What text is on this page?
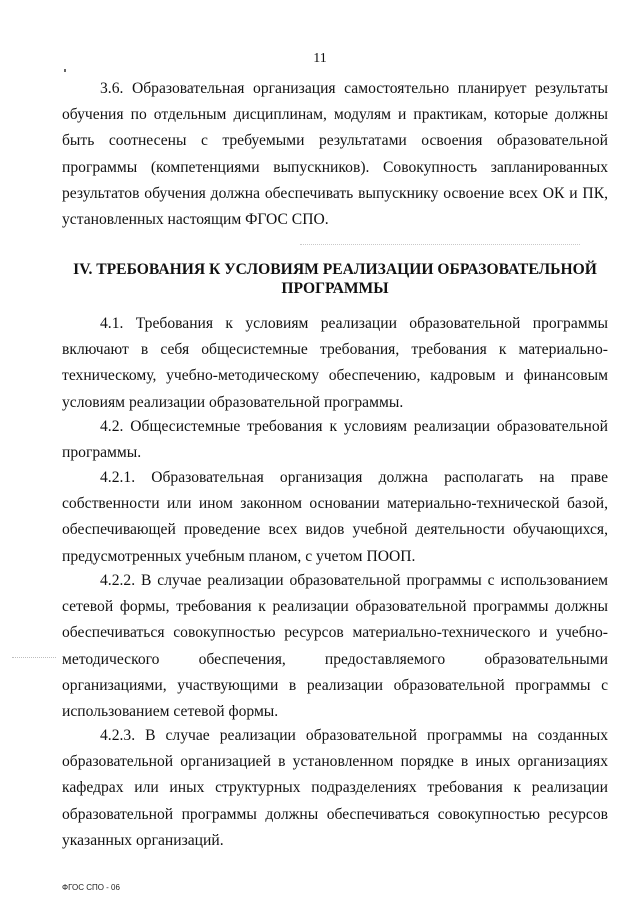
11

3.6. Образовательная организация самостоятельно планирует результаты обучения по отдельным дисциплинам, модулям и практикам, которые должны быть соотнесены с требуемыми результатами освоения образовательной программы (компетенциями выпускников). Совокупность запланированных результатов обучения должна обеспечивать выпускнику освоение всех ОК и ПК, установленных настоящим ФГОС СПО.

IV. ТРЕБОВАНИЯ К УСЛОВИЯМ РЕАЛИЗАЦИИ ОБРАЗОВАТЕЛЬНОЙ
ПРОГРАММЫ

4.1. Требования к условиям реализации образовательной программы включают в себя общесистемные требования, требования к материально-техническому, учебно-методическому обеспечению, кадровым и финансовым условиям реализации образовательной программы.

4.2. Общесистемные требования к условиям реализации образовательной программы.

4.2.1. Образовательная организация должна располагать на праве собственности или ином законном основании материально-технической базой, обеспечивающей проведение всех видов учебной деятельности обучающихся, предусмотренных учебным планом, с учетом ПООП.

4.2.2. В случае реализации образовательной программы с использованием сетевой формы, требования к реализации образовательной программы должны обеспечиваться совокупностью ресурсов материально-технического и учебно-методического обеспечения, предоставляемого образовательными организациями, участвующими в реализации образовательной программы с использованием сетевой формы.

4.2.3. В случае реализации образовательной программы на созданных образовательной организацией в установленном порядке в иных организациях кафедрах или иных структурных подразделениях требования к реализации образовательной программы должны обеспечиваться совокупностью ресурсов указанных организаций.

ФГОС СПО - 06
